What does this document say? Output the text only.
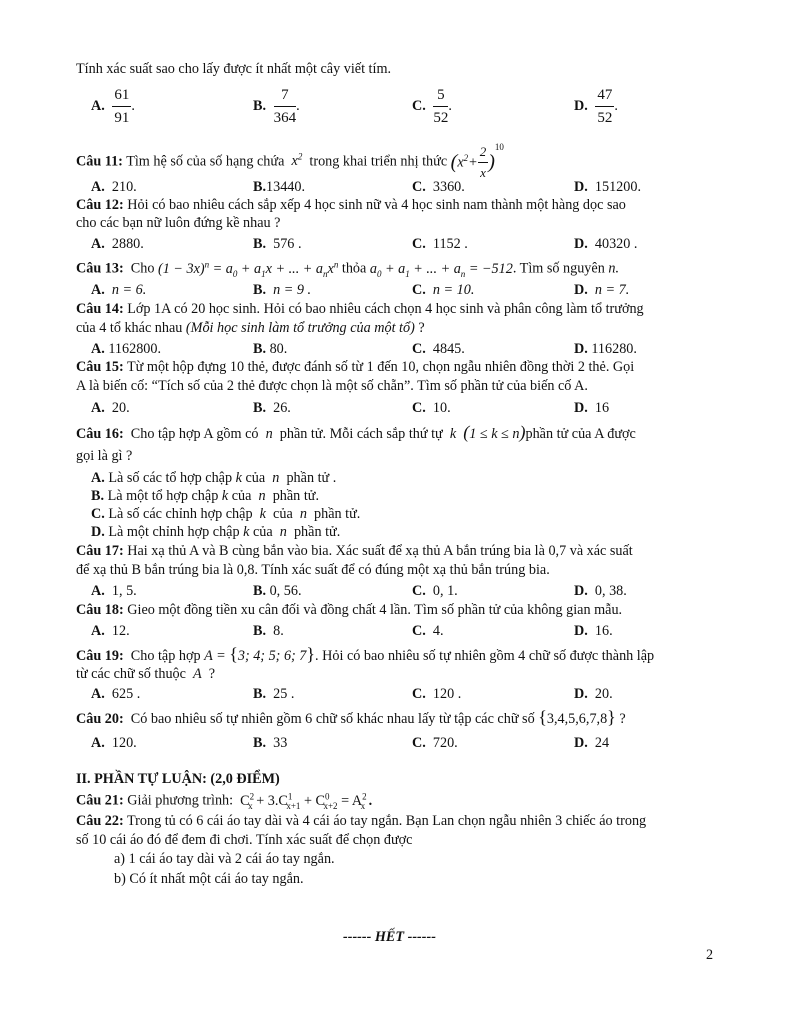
Tính xác suất sao cho lấy được ít nhất một cây viết tím.
A. $\frac{61}{91}$ .	B. $\frac{7}{364}$ .	C. $\frac{5}{52}$ .	D. $\frac{47}{52}$ .
Câu 11: Tìm hệ số của số hạng chứa  $x^2$ trong khai triển nhị thức $(x^2+ \frac{2}{x} )^{10}$
A. 210.	B.13440.	C. 3360.	D. 151200.
Câu 12: Hỏi có bao nhiêu cách sắp xếp 4 học sinh nữ và 4 học sinh nam thành một hàng dọc sao
cho các bạn nữ luôn đứng kề nhau ?
A. 2880.	B. 576 .	C. 1152 .	D. 40320 .
Câu 13: Cho $(1 - 3x)^n = a_0 + a_1x$ + ... + $a_nx^n$ thỏa $a_0 + a_1$ + ... + $a_n = -512$. Tìm số nguyên n.
A. n = 6.	B. n = 9 .	C. n = 10.	D. n = 7.
Câu 14: Lớp 1A có 20 học sinh. Hỏi có bao nhiêu cách chọn 4 học sinh và phân công làm tổ trưởng
của 4 tổ khác nhau (Mỗi học sinh làm tổ trưởng của một tổ) ?
A. 1162800.	B. 80.	C. 4845.	D. 116280.
Câu 15: Từ một hộp đựng 10 thẻ, được đánh số từ 1 đến 10, chọn ngẫu nhiên đồng thời 2 thẻ. Gọi
A là biến cố: “Tích số của 2 thẻ được chọn là một số chẵn”. Tìm số phần tử của biến cố A.
A. 20.	B. 26.	C. 10.	D. 16
Câu 16: Cho tập hợp A gồm có  n  phần tử. Mỗi cách sắp thứ tự  k  (1 ≤ k ≤ n)phần tử của A được
gọi là gì ?
A. Là số các tổ hợp chập k của  n  phần tử .
B. Là một tổ hợp chập k của  n  phần tử.
C. Là số các chỉnh hợp chập  k  của  n  phần tử.
D. Là một chỉnh hợp chập k của  n  phần tử.
Câu 17: Hai xạ thủ A và B cùng bắn vào bia. Xác suất để xạ thủ A bắn trúng bia là 0,7 và xác suất
để xạ thủ B bắn trúng bia là 0,8. Tính xác suất để có đúng một xạ thủ bắn trúng bia.
A. 1, 5.	B. 0, 56.	C. 0, 1.	D. 0, 38.
Câu 18: Gieo một đồng tiền xu cân đối và đồng chất 4 lần. Tìm số phần tử của không gian mẫu.
A. 12.	B. 8.	C. 4.	D. 16.
Câu 19: Cho tập hợp A = {3; 4; 5; 6; 7}. Hỏi có bao nhiêu số tự nhiên gồm 4 chữ số được thành lập
từ các chữ số thuộc  A  ?
A. 625 .	B. 25 .	C. 120 .	D. 20.
Câu 20: Có bao nhiêu số tự nhiên gồm 6 chữ số khác nhau lấy từ tập các chữ số {3,4,5,6,7,8} ?
A. 120.	B. 33	C. 720.	D. 24
II. PHẦN TỰ LUẬN: (2,0 ĐIỂM)
Câu 21: Giải phương trình:  $C^2_x + 3.C^1_{x+1} + C^0_{x+2} = A^2_x$ .
Câu 22: Trong tủ có 6 cái áo tay dài và 4 cái áo tay ngắn. Bạn Lan chọn ngẫu nhiên 3 chiếc áo trong
số 10 cái áo đó để đem đi chơi. Tính xác suất để chọn được
a) 1 cái áo tay dài và 2 cái áo tay ngắn.
b) Có ít nhất một cái áo tay ngắn.
------ HẾT ------
2
